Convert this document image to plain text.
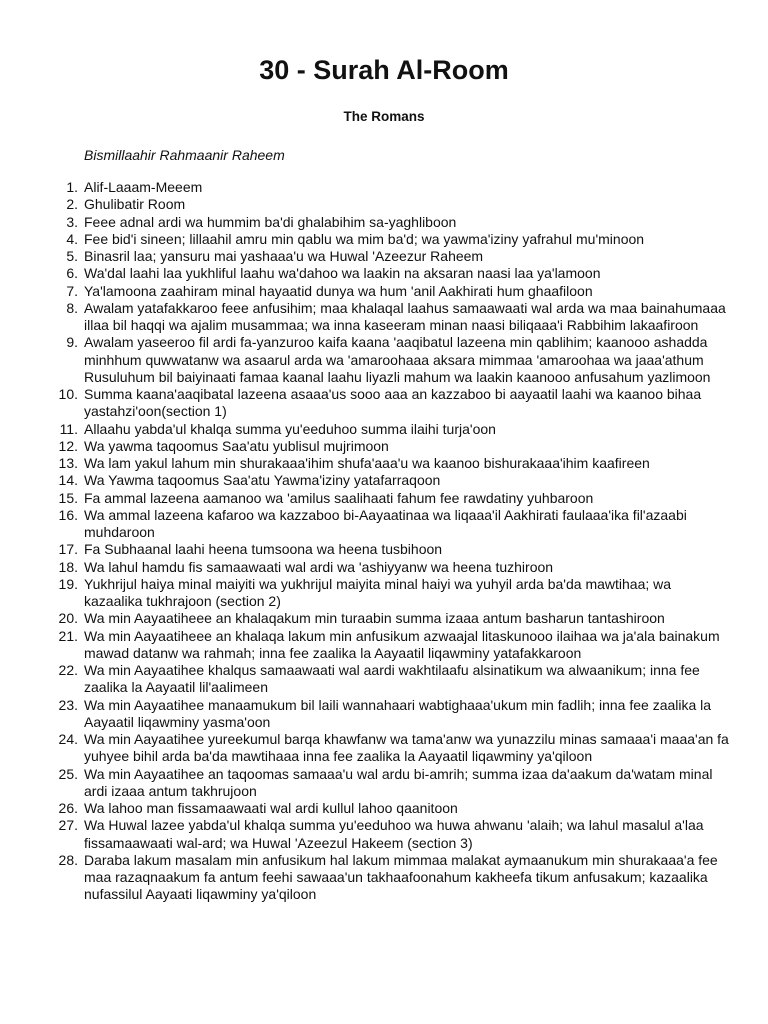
30 - Surah Al-Room
The Romans
Bismillaahir Rahmaanir Raheem
1. Alif-Laaam-Meeem
2. Ghulibatir Room
3. Feee adnal ardi wa hummim ba'di ghalabihim sa-yaghliboon
4. Fee bid'i sineen; lillaahil amru min qablu wa mim ba'd; wa yawma'iziny yafrahul mu'minoon
5. Binasril laa; yansuru mai yashaaa'u wa Huwal 'Azeezur Raheem
6. Wa'dal laahi laa yukhliful laahu wa'dahoo wa laakin na aksaran naasi laa ya'lamoon
7. Ya'lamoona zaahiram minal hayaatid dunya wa hum 'anil Aakhirati hum ghaafiloon
8. Awalam yatafakkaroo feee anfusihim; maa khalaqal laahus samaawaati wal arda wa maa bainahumaaa illaa bil haqqi wa ajalim musammaa; wa inna kaseeram minan naasi biliqaaa'i Rabbihim lakaafiroon
9. Awalam yaseeroo fil ardi fa-yanzuroo kaifa kaana 'aaqibatul lazeena min qablihim; kaanooo ashadda minhhum quwwatanw wa asaarul arda wa 'amaroohaaa aksara mimmaa 'amaroohaa wa jaaa'athum Rusuluhum bil baiyinaati famaa kaanal laahu liyazli mahum wa laakin kaanooo anfusahum yazlimoon
10. Summa kaana'aaqibatal lazeena asaaa'us sooo aaa an kazzaboo bi aayaatil laahi wa kaanoo bihaa yastahzi'oon(section 1)
11. Allaahu yabda'ul khalqa summa yu'eeduhoo summa ilaihi turja'oon
12. Wa yawma taqoomus Saa'atu yublisul mujrimoon
13. Wa lam yakul lahum min shurakaaa'ihim shufa'aaa'u wa kaanoo bishurakaaa'ihim kaafireen
14. Wa Yawma taqoomus Saa'atu Yawma'iziny yatafarraqoon
15. Fa ammal lazeena aamanoo wa 'amilus saalihaati fahum fee rawdatiny yuhbaroon
16. Wa ammal lazeena kafaroo wa kazzaboo bi-Aayaatinaa wa liqaaa'il Aakhirati faulaaa'ika fil'azaabi muhdaroon
17. Fa Subhaanal laahi heena tumsoona wa heena tusbihoon
18. Wa lahul hamdu fis samaawaati wal ardi wa 'ashiyyanw wa heena tuzhiroon
19. Yukhrijul haiya minal maiyiti wa yukhrijul maiyita minal haiyi wa yuhyil arda ba'da mawtihaa; wa kazaalika tukhrajoon (section 2)
20. Wa min Aayaatiheee an khalaqakum min turaabin summa izaaa antum basharun tantashiroon
21. Wa min Aayaatiheee an khalaqa lakum min anfusikum azwaajal litaskunooo ilaihaa wa ja'ala bainakum mawad datanw wa rahmah; inna fee zaalika la Aayaatil liqawminy yatafakkaroon
22. Wa min Aayaatihee khalqus samaawaati wal aardi wakhtilaafu alsinatikum wa alwaanikum; inna fee zaalika la Aayaatil lil'aalimeen
23. Wa min Aayaatihee manaamukum bil laili wannahaari wabtighaaa'ukum min fadlih; inna fee zaalika la Aayaatil liqawminy yasma'oon
24. Wa min Aayaatihee yureekumul barqa khawfanw wa tama'anw wa yunazzilu minas samaaa'i maaa'an fa yuhyee bihil arda ba'da mawtihaaa inna fee zaalika la Aayaatil liqawminy ya'qiloon
25. Wa min Aayaatihee an taqoomas samaaa'u wal ardu bi-amrih; summa izaa da'aakum da'watam minal ardi izaaa antum takhrujoon
26. Wa lahoo man fissamaawaati wal ardi kullul lahoo qaanitoon
27. Wa Huwal lazee yabda'ul khalqa summa yu'eeduhoo wa huwa ahwanu 'alaih; wa lahul masalul a'laa fissamaawaati wal-ard; wa Huwal 'Azeezul Hakeem (section 3)
28. Daraba lakum masalam min anfusikum hal lakum mimmaa malakat aymaanukum min shurakaaa'a fee maa razaqnaakum fa antum feehi sawaaa'un takhaafoonahum kakheefa tikum anfusakum; kazaalika nufassilul Aayaati liqawminy ya'qiloon
